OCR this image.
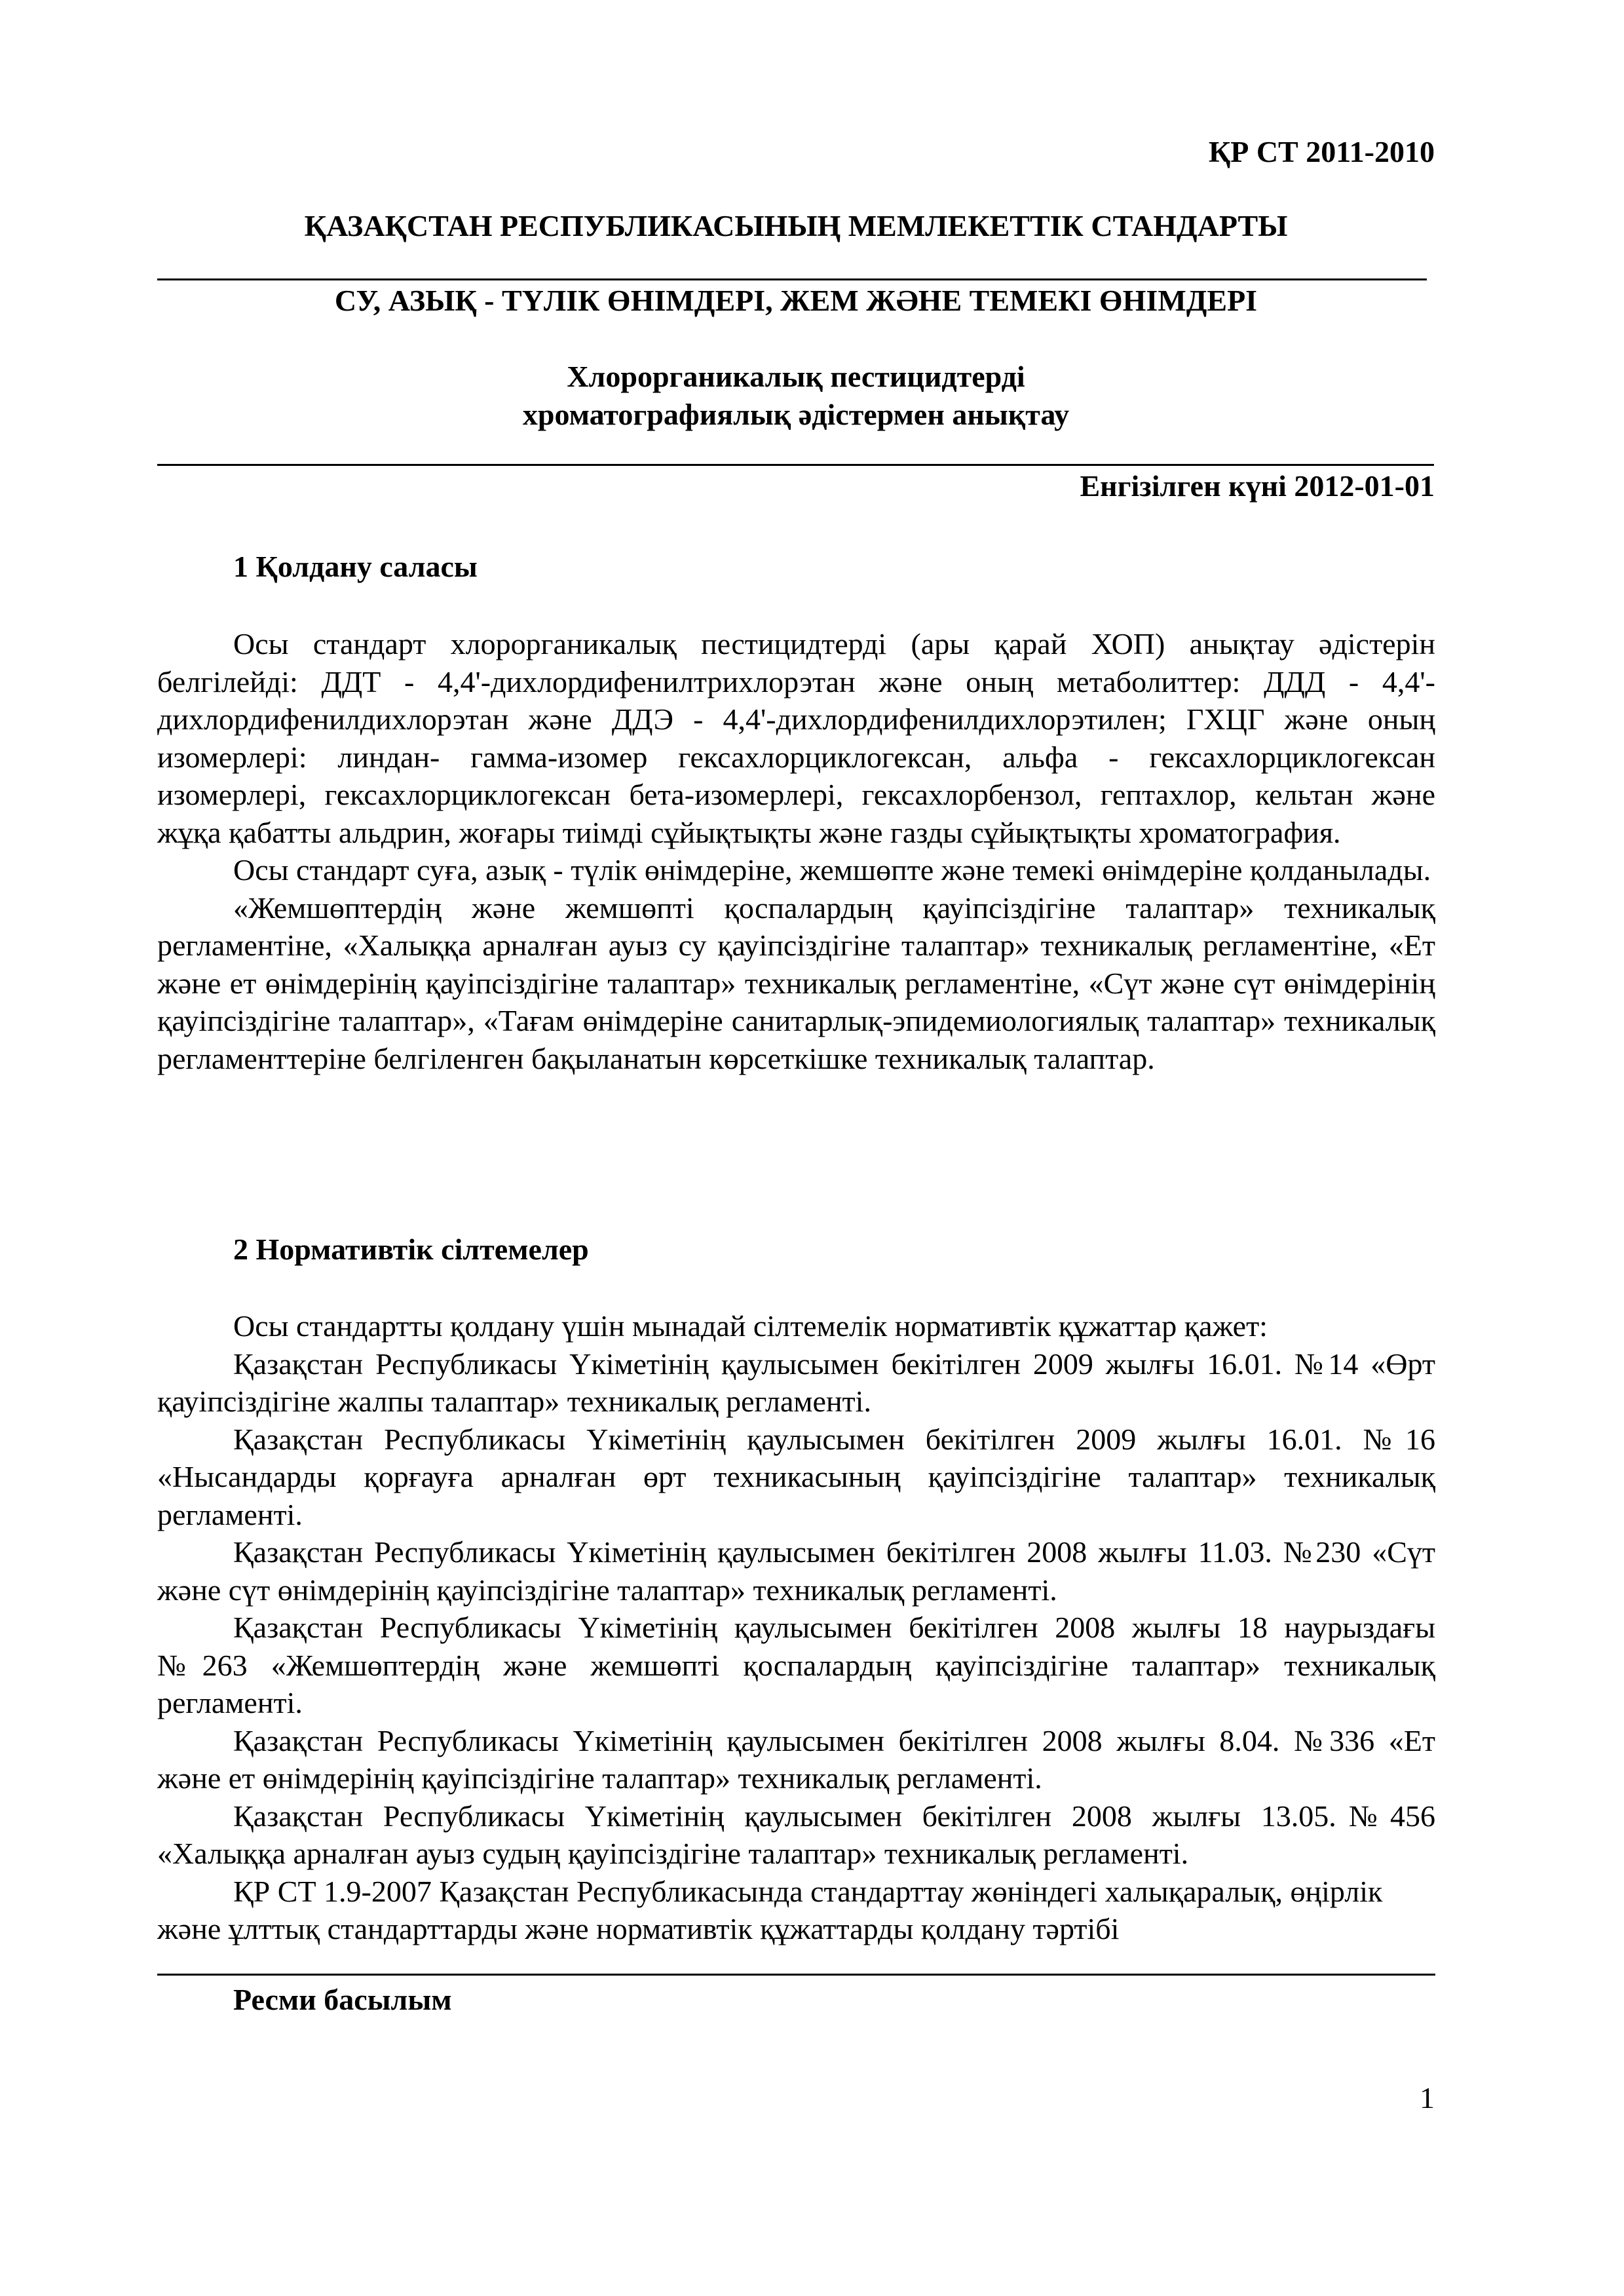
ҚР СТ 2011-2010
ҚАЗАҚСТАН РЕСПУБЛИКАСЫНЫҢ МЕМЛЕКЕТТІК СТАНДАРТЫ
СУ, АЗЫҚ - ТҮЛІК ӨНІМДЕРІ, ЖЕМ ЖӘНЕ ТЕМЕКІ ӨНІМДЕРІ
Хлорорганикалық пестицидтерді
хроматографиялық әдістермен анықтау
Енгізілген күні 2012-01-01
1 Қолдану саласы

Осы стандарт хлорорганикалық пестицидтерді (ары қарай ХОП) анықтау әдістерін белгілейді: ДДТ - 4,4'-дихлордифенилтрихлорэтан және оның метаболиттер: ДДД - 4,4'-дихлордифенилдихлорэтан және ДДЭ - 4,4'-дихлордифенилдихлорэтилен; ГХЦГ және оның изомерлері: линдан- гамма-изомер гексахлорциклогексан, альфа - гексахлорциклогексан изомерлері, гексахлорциклогексан бета-изомерлері, гексахлорбензол, гептахлор, кельтан және жұқа қабатты альдрин, жоғары тиімді сұйықтықты және газды сұйықтықты хроматография.

Осы стандарт суға, азық - түлік өнімдеріне, жемшөпте және темекі өнімдеріне қолданылады.

«Жемшөптердің және жемшөпті қоспалардың қауіпсіздігіне талаптар» техникалық регламентіне, «Халыққа арналған ауыз су қауіпсіздігіне талаптар» техникалық регламентіне, «Ет және ет өнімдерінің қауіпсіздігіне талаптар» техникалық регламентіне, «Сүт және сүт өнімдерінің қауіпсіздігіне талаптар», «Тағам өнімдеріне санитарлық-эпидемиологиялық талаптар» техникалық регламенттеріне белгіленген бақыланатын көрсеткішке техникалық талаптар.

2 Нормативтік сілтемелер

Осы стандартты қолдану үшін мынадай сілтемелік нормативтік құжаттар қажет:

Қазақстан Республикасы Үкіметінің қаулысымен бекітілген 2009 жылғы 16.01. №14 «Өрт қауіпсіздігіне жалпы талаптар» техникалық регламенті.

Қазақстан Республикасы Үкіметінің қаулысымен бекітілген 2009 жылғы 16.01. №16 «Нысандарды қорғауға арналған өрт техникасының қауіпсіздігіне талаптар» техникалық регламенті.

Қазақстан Республикасы Үкіметінің қаулысымен бекітілген 2008 жылғы 11.03. №230 «Сүт және сүт өнімдерінің қауіпсіздігіне талаптар» техникалық регламенті.

Қазақстан Республикасы Үкіметінің қаулысымен бекітілген 2008 жылғы 18 наурыздағы №263 «Жемшөптердің және жемшөпті қоспалардың қауіпсіздігіне талаптар» техникалық регламенті.

Қазақстан Республикасы Үкіметінің қаулысымен бекітілген 2008 жылғы 8.04. №336 «Ет және ет өнімдерінің қауіпсіздігіне талаптар» техникалық регламенті.

Қазақстан Республикасы Үкіметінің қаулысымен бекітілген 2008 жылғы 13.05.№456 «Халыққа арналған ауыз судың қауіпсіздігіне талаптар» техникалық регламенті.

ҚР СТ 1.9-2007 Қазақстан Республикасында стандарттау жөніндегі халықаралық, өңірлік және ұлттық стандарттарды және нормативтік құжаттарды қолдану тәртібі

Ресми басылым
1
